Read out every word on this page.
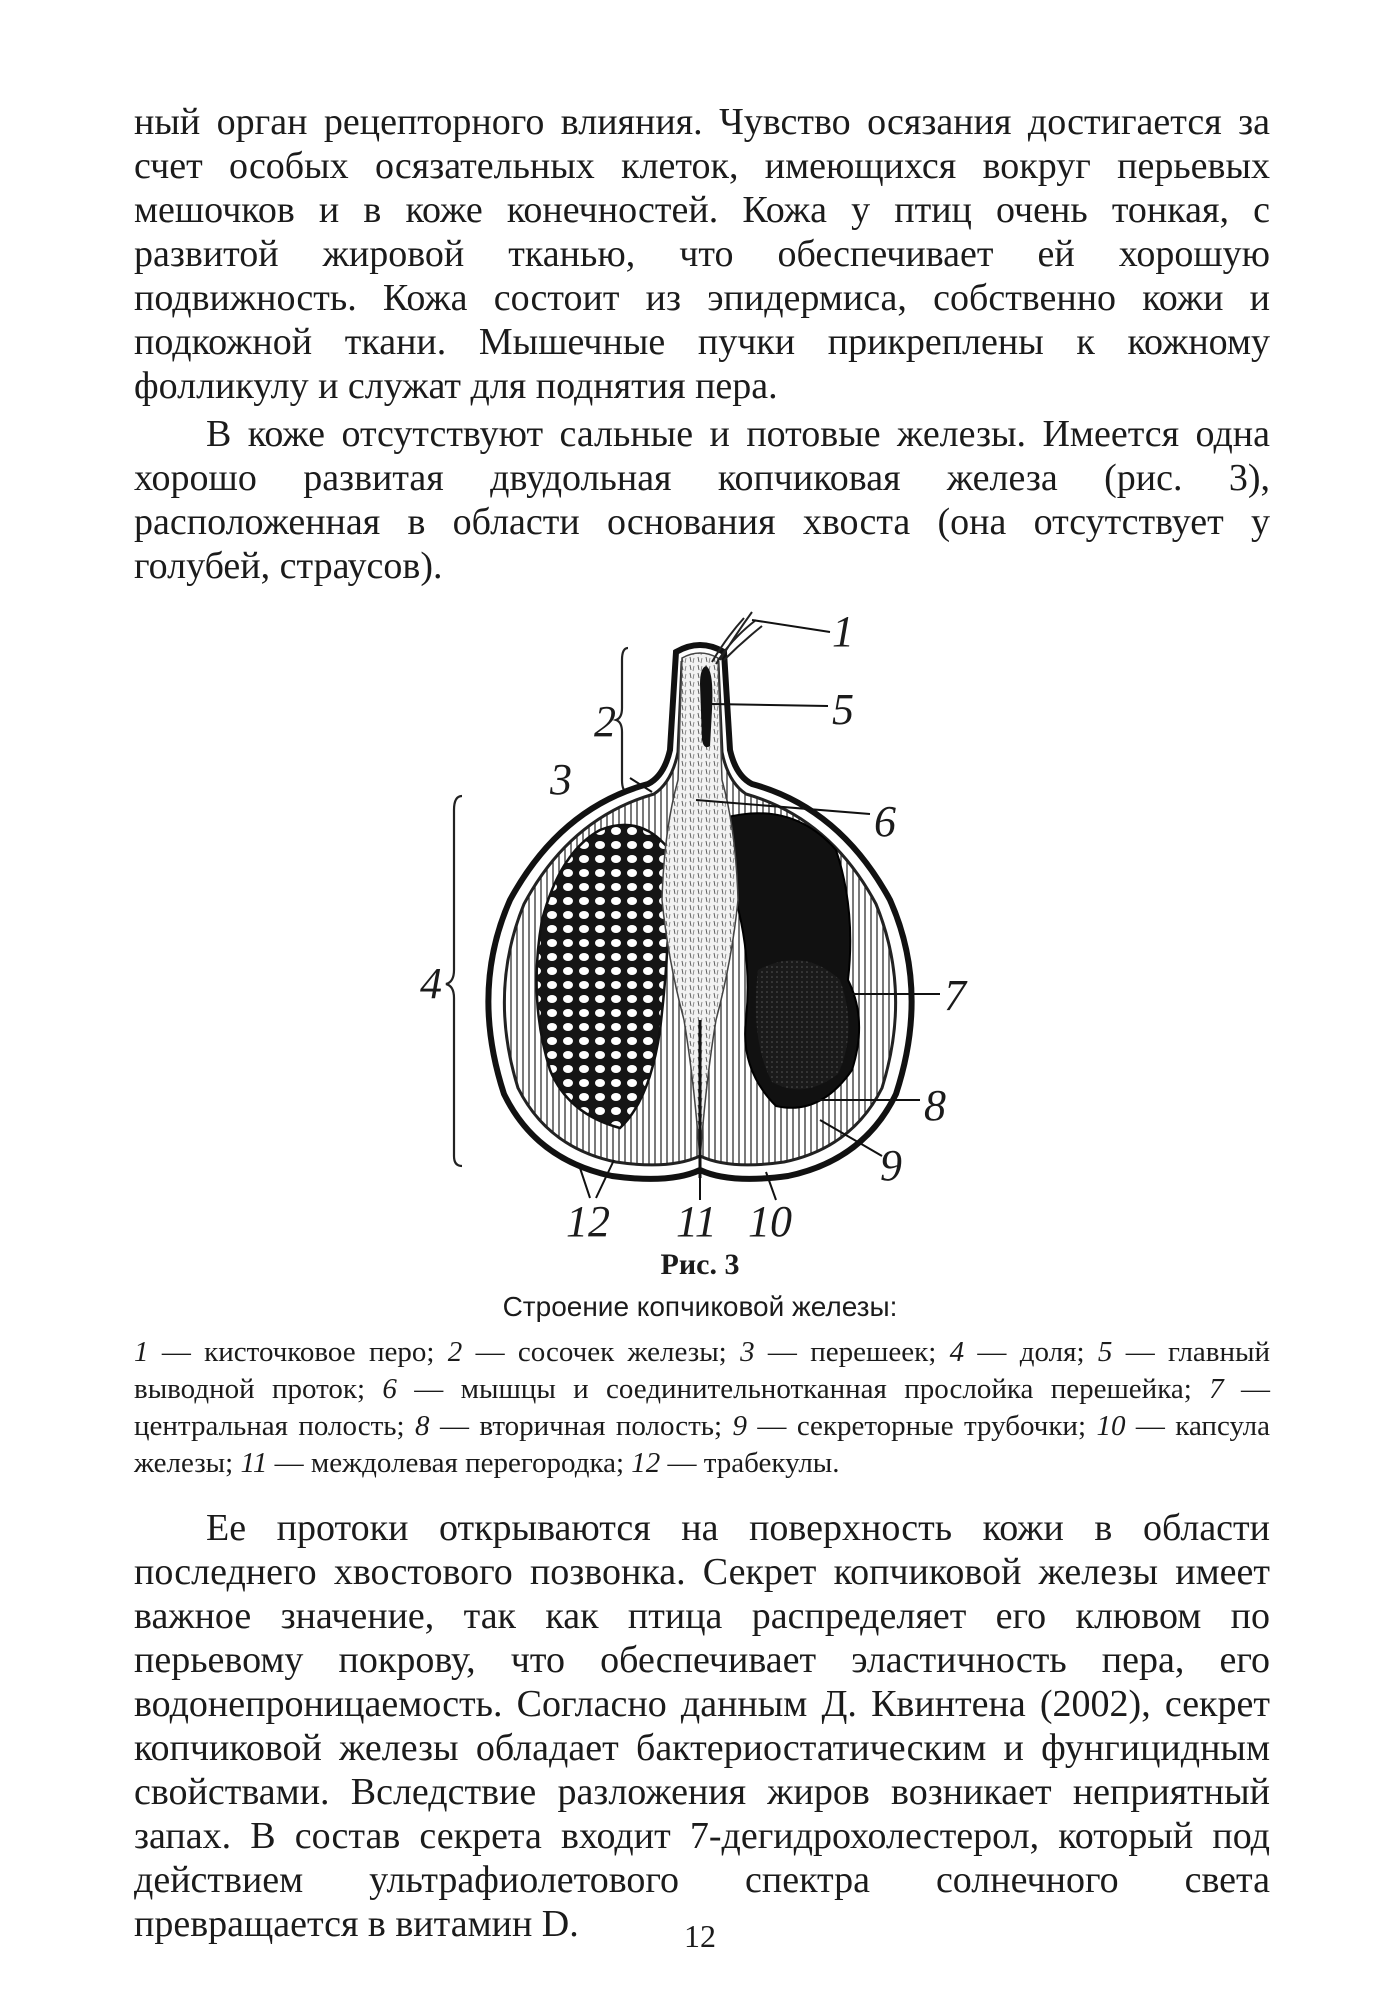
ный орган рецепторного влияния. Чувство осязания достигается за счет особых осязательных клеток, имеющихся вокруг перьевых мешочков и в коже конечностей. Кожа у птиц очень тонкая, с развитой жировой тканью, что обеспечивает ей хорошую подвижность. Кожа состоит из эпидермиса, собственно кожи и подкожной ткани. Мышечные пучки прикреплены к кожному фолликулу и служат для поднятия пера.

В коже отсутствуют сальные и потовые железы. Имеется одна хорошо развитая двудольная копчиковая железа (рис. 3), расположенная в области основания хвоста (она отсутствует у голубей, страусов).

1
2
3
4
5
6
7
8
9
10
11
12
Рис. 3
Строение копчиковой железы:
1 — кисточковое перо; 2 — сосочек железы; 3 — перешеек; 4 — доля; 5 — главный выводной проток; 6 — мышцы и соединительнотканная прослойка перешейка; 7 — центральная полость; 8 — вторичная полость; 9 — секреторные трубочки; 10 — капсула железы; 11 — междолевая перегородка; 12 — трабекулы.

Ее протоки открываются на поверхность кожи в области последнего хвостового позвонка. Секрет копчиковой железы имеет важное значение, так как птица распределяет его клювом по перьевому покрову, что обеспечивает эластичность пера, его водонепроницаемость. Согласно данным Д. Квинтена (2002), секрет копчиковой железы обладает бактериостатическим и фунгицидным свойствами. Вследствие разложения жиров возникает неприятный запах. В состав секрета входит 7-дегидрохолестерол, который под действием ультрафиолетового спектра солнечного света превращается в витамин D.	12
